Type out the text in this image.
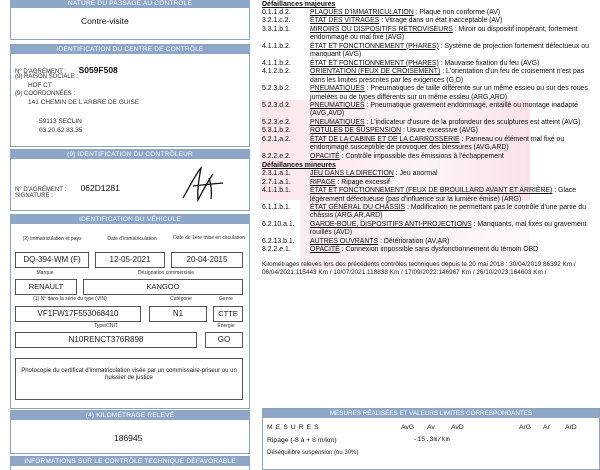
NATURE DU PASSAGE AU CONTRÔLE
Contre-visite
IDENTIFICATION DU CENTRE DE CONTRÔLE
N° D'AGRÉMENT : S059F508
(9) RAISON SOCIALE :
HDF CT
(9) COORDONNÉES :
141 CHEMIN DE L'ARBRE DE GUISE
59113 SECLIN
03.20.62.83.35
(9) IDENTIFICATION DU CONTRÔLEUR
N° D'AGRÉMENT : 062D1281
SIGNATURE :
IDENTIFICATION DU VÉHICULE
(2) Immatriculation et pays	Date d'immatriculation	Date de 1ère mise en circulation
DQ-394-WM (F)	12-05-2021	20-04-2015
Marque	Désignation commerciale
RENAULT	KANGOO
(1) N° dans la série du type (VIN)	Catégorie	Genre
VF1FW17F553068410	N1	CTTE
Type/CNIT	Énergie
N10RENCT376R898	GO
Photocopie du certificat d'immatriculation visée par un commissaire-priseur ou un huissier de justice
(4) KILOMÉTRAGE RELEVÉ
186945
INFORMATIONS SUR LE CONTRÔLE TECHNIQUE DÉFAVORABLE
Défaillances majeures
0.1.1.d.2.	PLAQUES D'IMMATRICULATION : Plaque non conforme (AV)
3.2.1.c.2.	ÉTAT DES VITRAGES : Vitrage dans un état inacceptable (AV)
3.3.1.b.1.	MIROIRS OU DISPOSITIFS RÉTROVISEURS : Miroir ou dispositif inopérant, fortement endommagé ou mal fixé (AVG)
4.1.1.b.2.	ÉTAT ET FONCTIONNEMENT (PHARES) : Système de projection fortement défectueux ou manquant (AVG)
4.1.1.b.2.	ÉTAT ET FONCTIONNEMENT (PHARES) : Mauvaise fixation du feu (AVG)
4.1.2.b.2.	ORIENTATION (FEUX DE CROISEMENT) : L'orientation d'un feu de croisement n'est pas dans les limites prescrites par les exigences (G,D)
5.2.3.b.2.	PNEUMATIQUES : Pneumatiques de taille différente sur un même essieu ou sur des roues jumelées ou de types différents sur un même essieu (ARG,ARD)
5.2.3.d.2.	PNEUMATIQUES : Pneumatique gravement endommagé, entaillé ou montage inadapté (AVG,AVD)
5.2.3.e.2.	PNEUMATIQUES : L'indicateur d'usure de la profondeur des sculptures est atteint (AVG)
5.3.1.b.2.	ROTULES DE SUSPENSION : Usure excessive (AVG)
6.2.1.a.2.	ÉTAT DE LA CABINE ET DE LA CARROSSERIE : Panneau ou élément mal fixé ou endommagé susceptible de provoquer des blessures (AVG,ARD)
8.2.2.e.2.	OPACITÉ : Contrôle impossible des émissions à l'échappement
Défaillances mineures
2.3.1.a.1.	JEU DANS LA DIRECTION : Jeu anormal
2.7.1.a.1.	RIPAGE : Ripage excessif
4.1.1.b.1.	ÉTAT ET FONCTIONNEMENT (FEUX DE BROUILLARD AVANT ET ARRIÈRE) : Glace légèrement défectueuse (pas d'influence sur la lumière émise) (ARG)
6.1.1.b.1.	ÉTAT GÉNÉRAL DU CHÂSSIS : Modification ne permettant pas le contrôle d'une partie du châssis (ARG,AR,ARD)
6.2.10.a.1.	GARDE-BOUE, DISPOSITIFS ANTI-PROJECTIONS : Manquants, mal fixés ou gravement rouillés (AVD)
6.2.13.b.1.	AUTRES OUVRANTS : Détérioration (AV,AR)
8.2.2.e.1.	OPACITÉ : Connexion impossible sans dysfonctionnement du témoin OBD
Kilométrages relevés lors des précédents contrôles techniques depuis le 20 mai 2018 : 30/04/2019:86392 Km / 06/04/2021:115443 Km / 10/07/2021:118838 Km / 17/09/2022:146967 Km / 26/10/2023:164603 Km /
MESURES RÉALISÉES ET VALEURS LIMITES CORRESPONDANTES
MESURES	AvG	Av	AvD	ArG	Ar	ArD
Ripage (-8 à + 8 m/km)	-15.3m/km
Déséquilibre suspension (ou 30%)
